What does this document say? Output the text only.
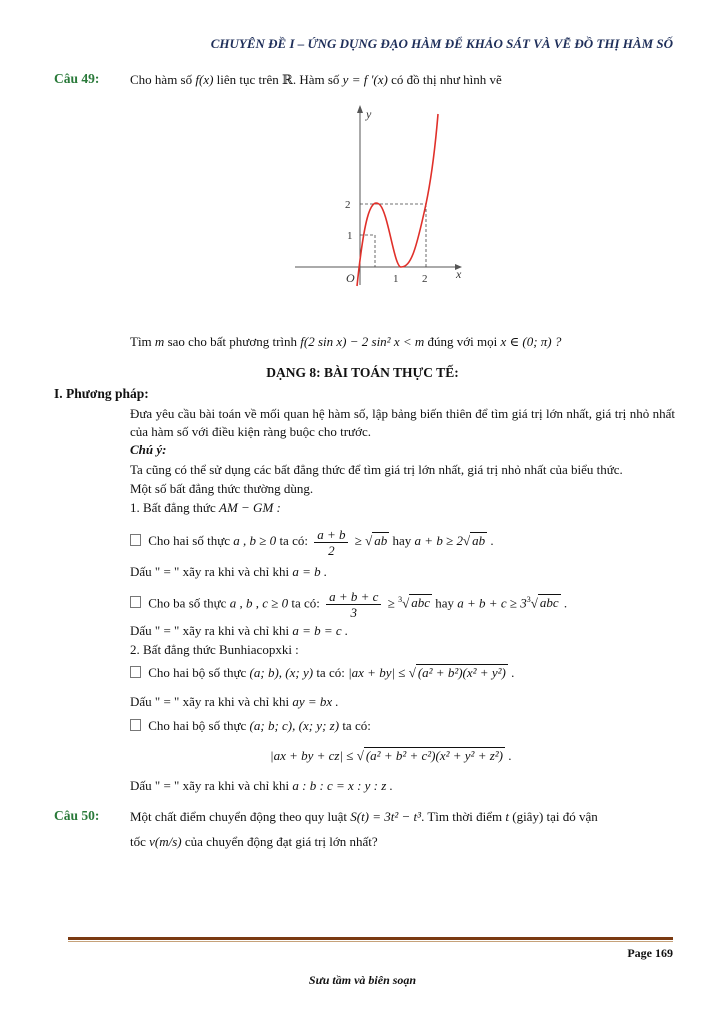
CHUYÊN ĐỀ I – ỨNG DỤNG ĐẠO HÀM ĐỂ KHẢO SÁT VÀ VẼ ĐỒ THỊ HÀM SỐ
Câu 49: Cho hàm số f(x) liên tục trên ℝ. Hàm số y = f ′(x) có đồ thị như hình vẽ
y
x
O
2
1
1 2
Tìm m sao cho bất phương trình f(2 sin x) − 2 sin² x < m đúng với mọi x ∈ (0; π) ?
DẠNG 8: BÀI TOÁN THỰC TẾ:
I. Phương pháp:
Đưa yêu cầu bài toán về mối quan hệ hàm số, lập bảng biến thiên để tìm giá trị lớn nhất, giá trị nhỏ nhất của hàm số với điều kiện ràng buộc cho trước.
Chú ý:
Ta cũng có thể sử dụng các bất đẳng thức để tìm giá trị lớn nhất, giá trị nhỏ nhất của biểu thức.
Một số bất đẳng thức thường dùng.
1. Bất đẳng thức AM − GM :
Cho hai số thực a , b ≥ 0 ta có: $\frac{a + b}{2}$ ≥ √ ab hay a + b ≥ 2√ ab .
Dấu " = " xãy ra khi và chỉ khi a = b .
Cho ba số thực a , b , c ≥ 0 ta có: $\frac{a + b + c}{3} \ge ^3√$ abc hay $a + b + c \ge 3^3√$ abc .
Dấu " = " xãy ra khi và chỉ khi a = b = c .
2. Bất đẳng thức Bunhiacopxki :
Cho hai bộ số thực (a; b), (x; y) ta có: |ax + by| ≤ √ (a² + b²)(x² + y²) .
Dấu " = " xãy ra khi và chỉ khi ay = bx .
Cho hai bộ số thực (a; b; c), (x; y; z) ta có:
|ax + by + cz| ≤ √ (a² + b² + c²)(x² + y² + z²) .
Dấu " = " xãy ra khi và chỉ khi a : b : c = x : y : z .
Câu 50: Một chất điểm chuyển động theo quy luật S(t) = 3t² − t³. Tìm thời điểm t (giây) tại đó vận
tốc v(m/s) của chuyển động đạt giá trị lớn nhất?
Page 169
Sưu tầm và biên soạn
